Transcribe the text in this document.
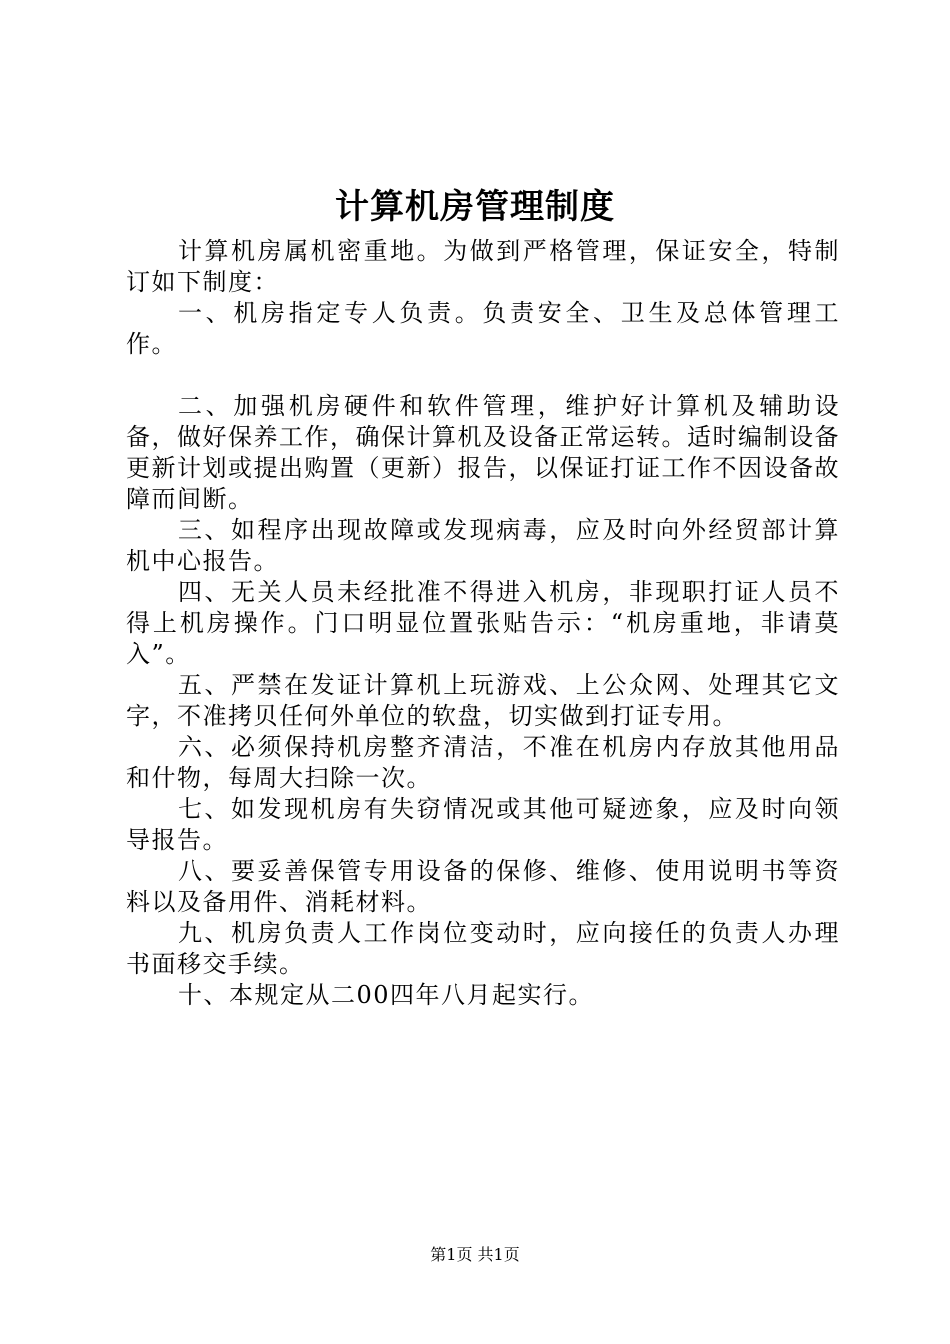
计算机房管理制度

计算机房属机密重地。为做到严格管理，保证安全，特制订如下制度：

一、机房指定专人负责。负责安全、卫生及总体管理工作。

二、加强机房硬件和软件管理，维护好计算机及辅助设备，做好保养工作，确保计算机及设备正常运转。适时编制设备更新计划或提出购置（更新）报告，以保证打证工作不因设备故障而间断。

三、如程序出现故障或发现病毒，应及时向外经贸部计算机中心报告。

四、无关人员未经批准不得进入机房，非现职打证人员不得上机房操作。门口明显位置张贴告示：“机房重地，非请莫入”。

五、严禁在发证计算机上玩游戏、上公众网、处理其它文字，不准拷贝任何外单位的软盘，切实做到打证专用。

六、必须保持机房整齐清洁，不准在机房内存放其他用品和什物，每周大扫除一次。

七、如发现机房有失窃情况或其他可疑迹象，应及时向领导报告。

八、要妥善保管专用设备的保修、维修、使用说明书等资料以及备用件、消耗材料。

九、机房负责人工作岗位变动时，应向接任的负责人办理书面移交手续。

十、本规定从二00四年八月起实行。

第1页 共1页
